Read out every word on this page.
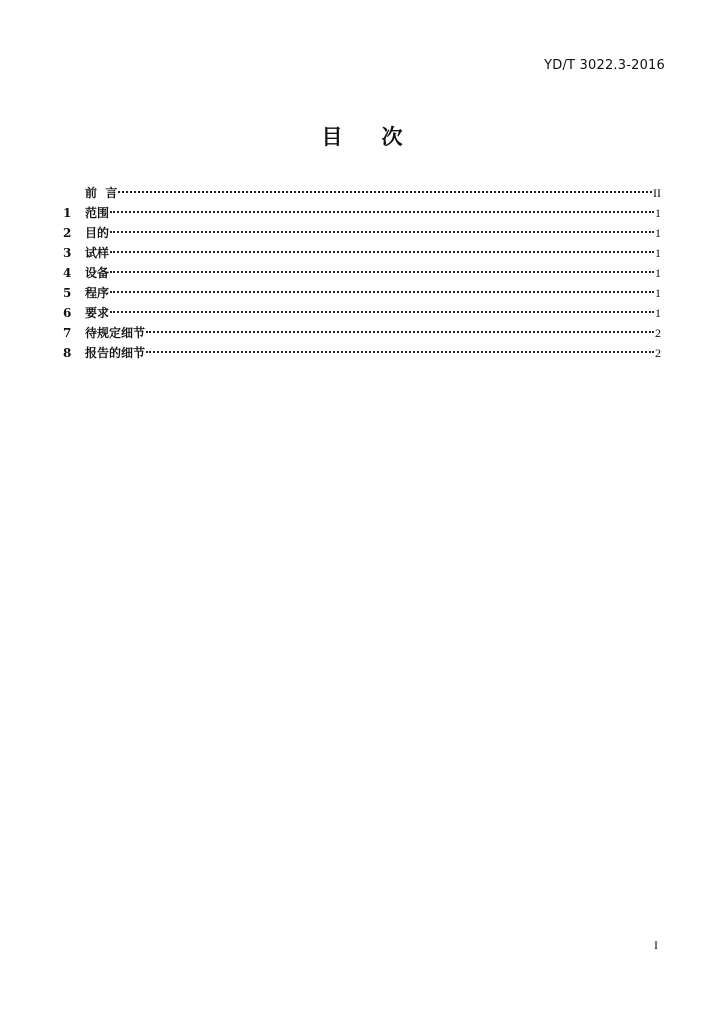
YD/T 3022.3-2016
目 次
前言	II
1	范围	1
2	目的	1
3	试样	1
4	设备	1
5	程序	1
6	要求	1
7	待规定细节	2
8	报告的细节	2
I
